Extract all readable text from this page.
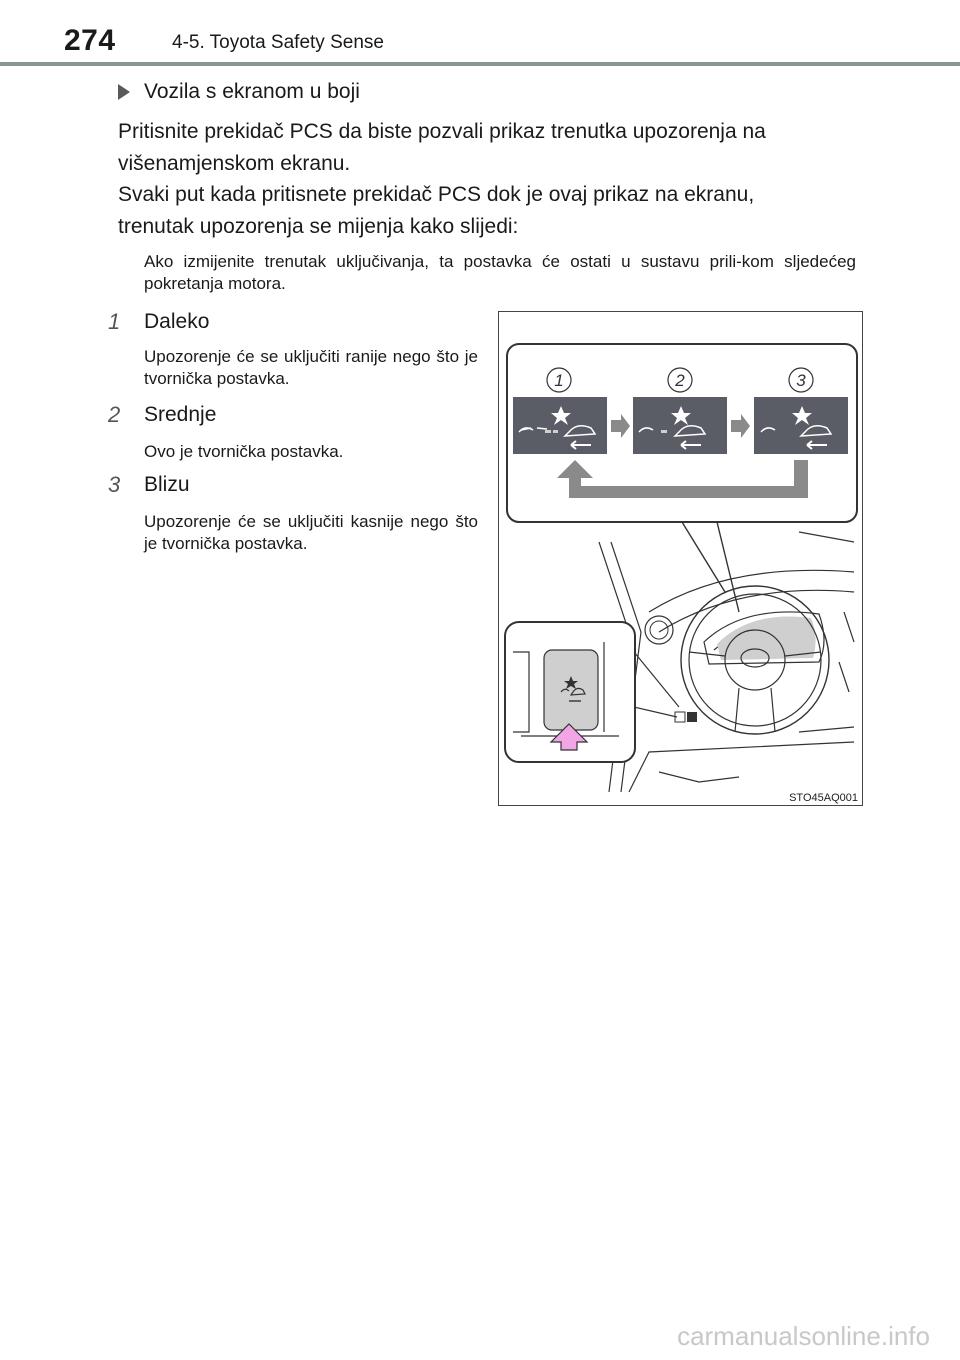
274	4-5. Toyota Safety Sense
Vozila s ekranom u boji
Pritisnite prekidač PCS da biste pozvali prikaz trenutka upozorenja na
višenamjenskom ekranu.
Svaki put kada pritisnete prekidač PCS dok je ovaj prikaz na ekranu,
trenutak upozorenja se mijenja kako slijedi:
Ako izmijenite trenutak uključivanja, ta postavka će ostati u sustavu prili-kom sljedećeg pokretanja motora.
1 Daleko
Upozorenje će se uključiti ranije nego što je tvornička postavka.
2 Srednje
Ovo je tvornička postavka.
3 Blizu
Upozorenje će se uključiti kasnije nego što je tvornička postavka.
1	2	3
STO45AQ001
carmanualsonline.info
